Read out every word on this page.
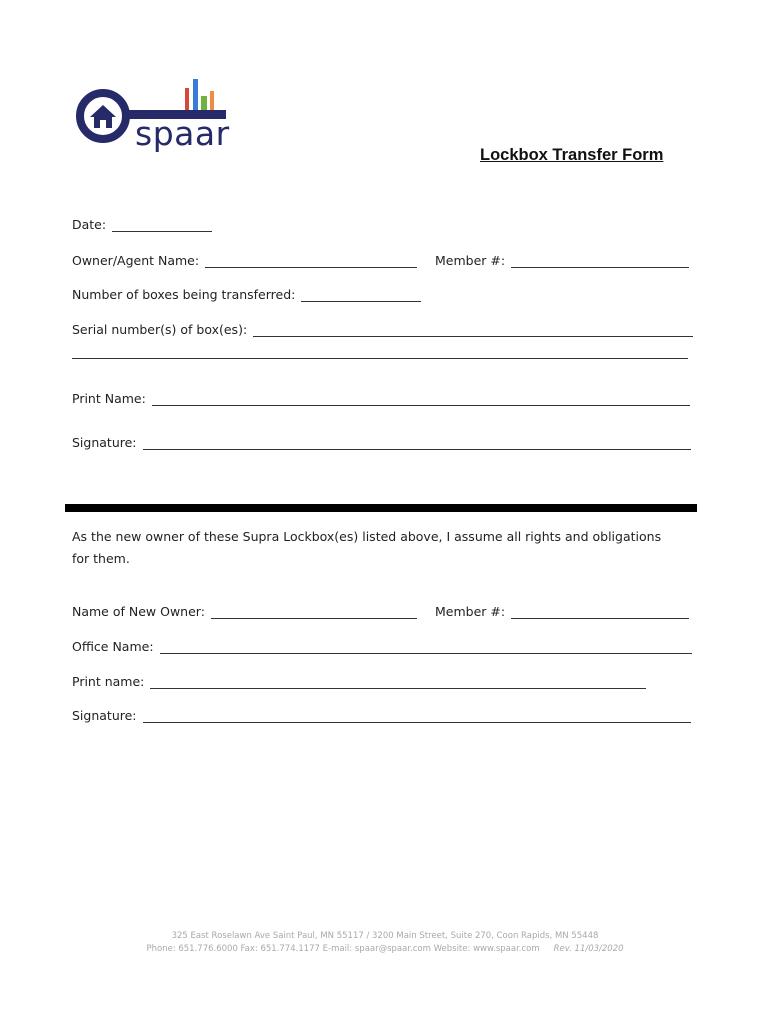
spaar
Lockbox Transfer Form
Date:
Owner/Agent Name:	Member #:
Number of boxes being transferred:
Serial number(s) of box(es):
Print Name:
Signature:
As the new owner of these Supra Lockbox(es) listed above, I assume all rights and obligations for them.
Name of New Owner:	Member #:
Office Name:
Print name:
Signature:
325 East Roselawn Ave Saint Paul, MN 55117 / 3200 Main Street, Suite 270, Coon Rapids, MN 55448
Phone: 651.776.6000 Fax: 651.774.1177 E-mail: spaar@spaar.com Website: www.spaar.com Rev. 11/03/2020
